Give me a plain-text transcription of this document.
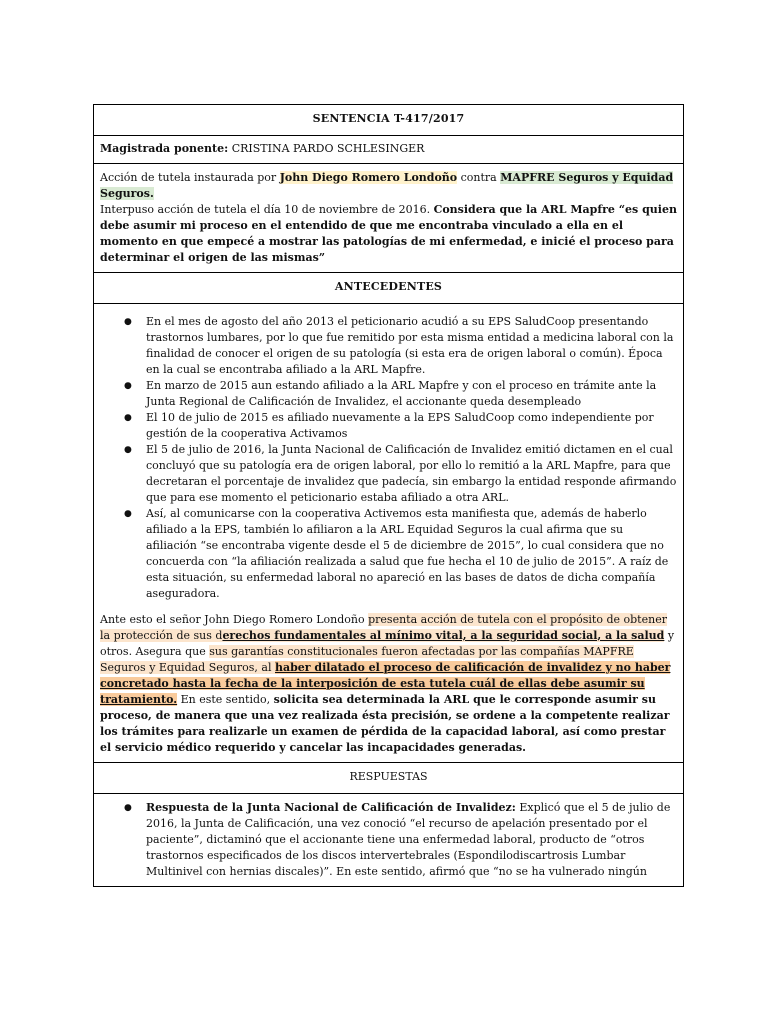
SENTENCIA T-417/2017
Magistrada ponente: CRISTINA PARDO SCHLESINGER

Acción de tutela instaurada por John Diego Romero Londoño contra MAPFRE Seguros y Equidad Seguros.
Interpuso acción de tutela el día 10 de noviembre de 2016. Considera que la ARL Mapfre “es quien debe asumir mi proceso en el entendido de que me encontraba vinculado a ella en el momento en que empecé a mostrar las patologías de mi enfermedad, e inicié el proceso para determinar el origen de las mismas”

ANTECEDENTES

● En el mes de agosto del año 2013 el peticionario acudió a su EPS SaludCoop presentando trastornos lumbares, por lo que fue remitido por esta misma entidad a medicina laboral con la finalidad de conocer el origen de su patología (si esta era de origen laboral o común). Época en la cual se encontraba afiliado a la ARL Mapfre.
● En marzo de 2015 aun estando afiliado a la ARL Mapfre y con el proceso en trámite ante la Junta Regional de Calificación de Invalidez, el accionante queda desempleado
● El 10 de julio de 2015 es afiliado nuevamente a la EPS SaludCoop como independiente por gestión de la cooperativa Activamos
● El 5 de julio de 2016, la Junta Nacional de Calificación de Invalidez emitió dictamen en el cual concluyó que su patología era de origen laboral, por ello lo remitió a la ARL Mapfre, para que decretaran el porcentaje de invalidez que padecía, sin embargo la entidad responde afirmando que para ese momento el peticionario estaba afiliado a otra ARL.
● Así, al comunicarse con la cooperativa Activemos esta manifiesta que, además de haberlo afiliado a la EPS, también lo afiliaron a la ARL Equidad Seguros la cual afirma que su afiliación “se encontraba vigente desde el 5 de diciembre de 2015”, lo cual considera que no concuerda con “la afiliación realizada a salud que fue hecha el 10 de julio de 2015”. A raíz de esta situación, su enfermedad laboral no apareció en las bases de datos de dicha compañía aseguradora.
Ante esto el señor John Diego Romero Londoño presenta acción de tutela con el propósito de obtener la protección de sus derechos fundamentales al mínimo vital, a la seguridad social, a la salud y otros. Asegura que sus garantías constitucionales fueron afectadas por las compañías MAPFRE Seguros y Equidad Seguros, al haber dilatado el proceso de calificación de invalidez y no haber concretado hasta la fecha de la interposición de esta tutela cuál de ellas debe asumir su tratamiento. En este sentido, solicita sea determinada la ARL que le corresponde asumir su proceso, de manera que una vez realizada ésta precisión, se ordene a la competente realizar los trámites para realizarle un examen de pérdida de la capacidad laboral, así como prestar el servicio médico requerido y cancelar las incapacidades generadas.

RESPUESTAS

● Respuesta de la Junta Nacional de Calificación de Invalidez: Explicó que el 5 de julio de 2016, la Junta de Calificación, una vez conoció “el recurso de apelación presentado por el paciente”, dictaminó que el accionante tiene una enfermedad laboral, producto de “otros trastornos especificados de los discos intervertebrales (Espondilodiscartrosis Lumbar Multinivel con hernias discales)”. En este sentido, afirmó que “no se ha vulnerado ningún
